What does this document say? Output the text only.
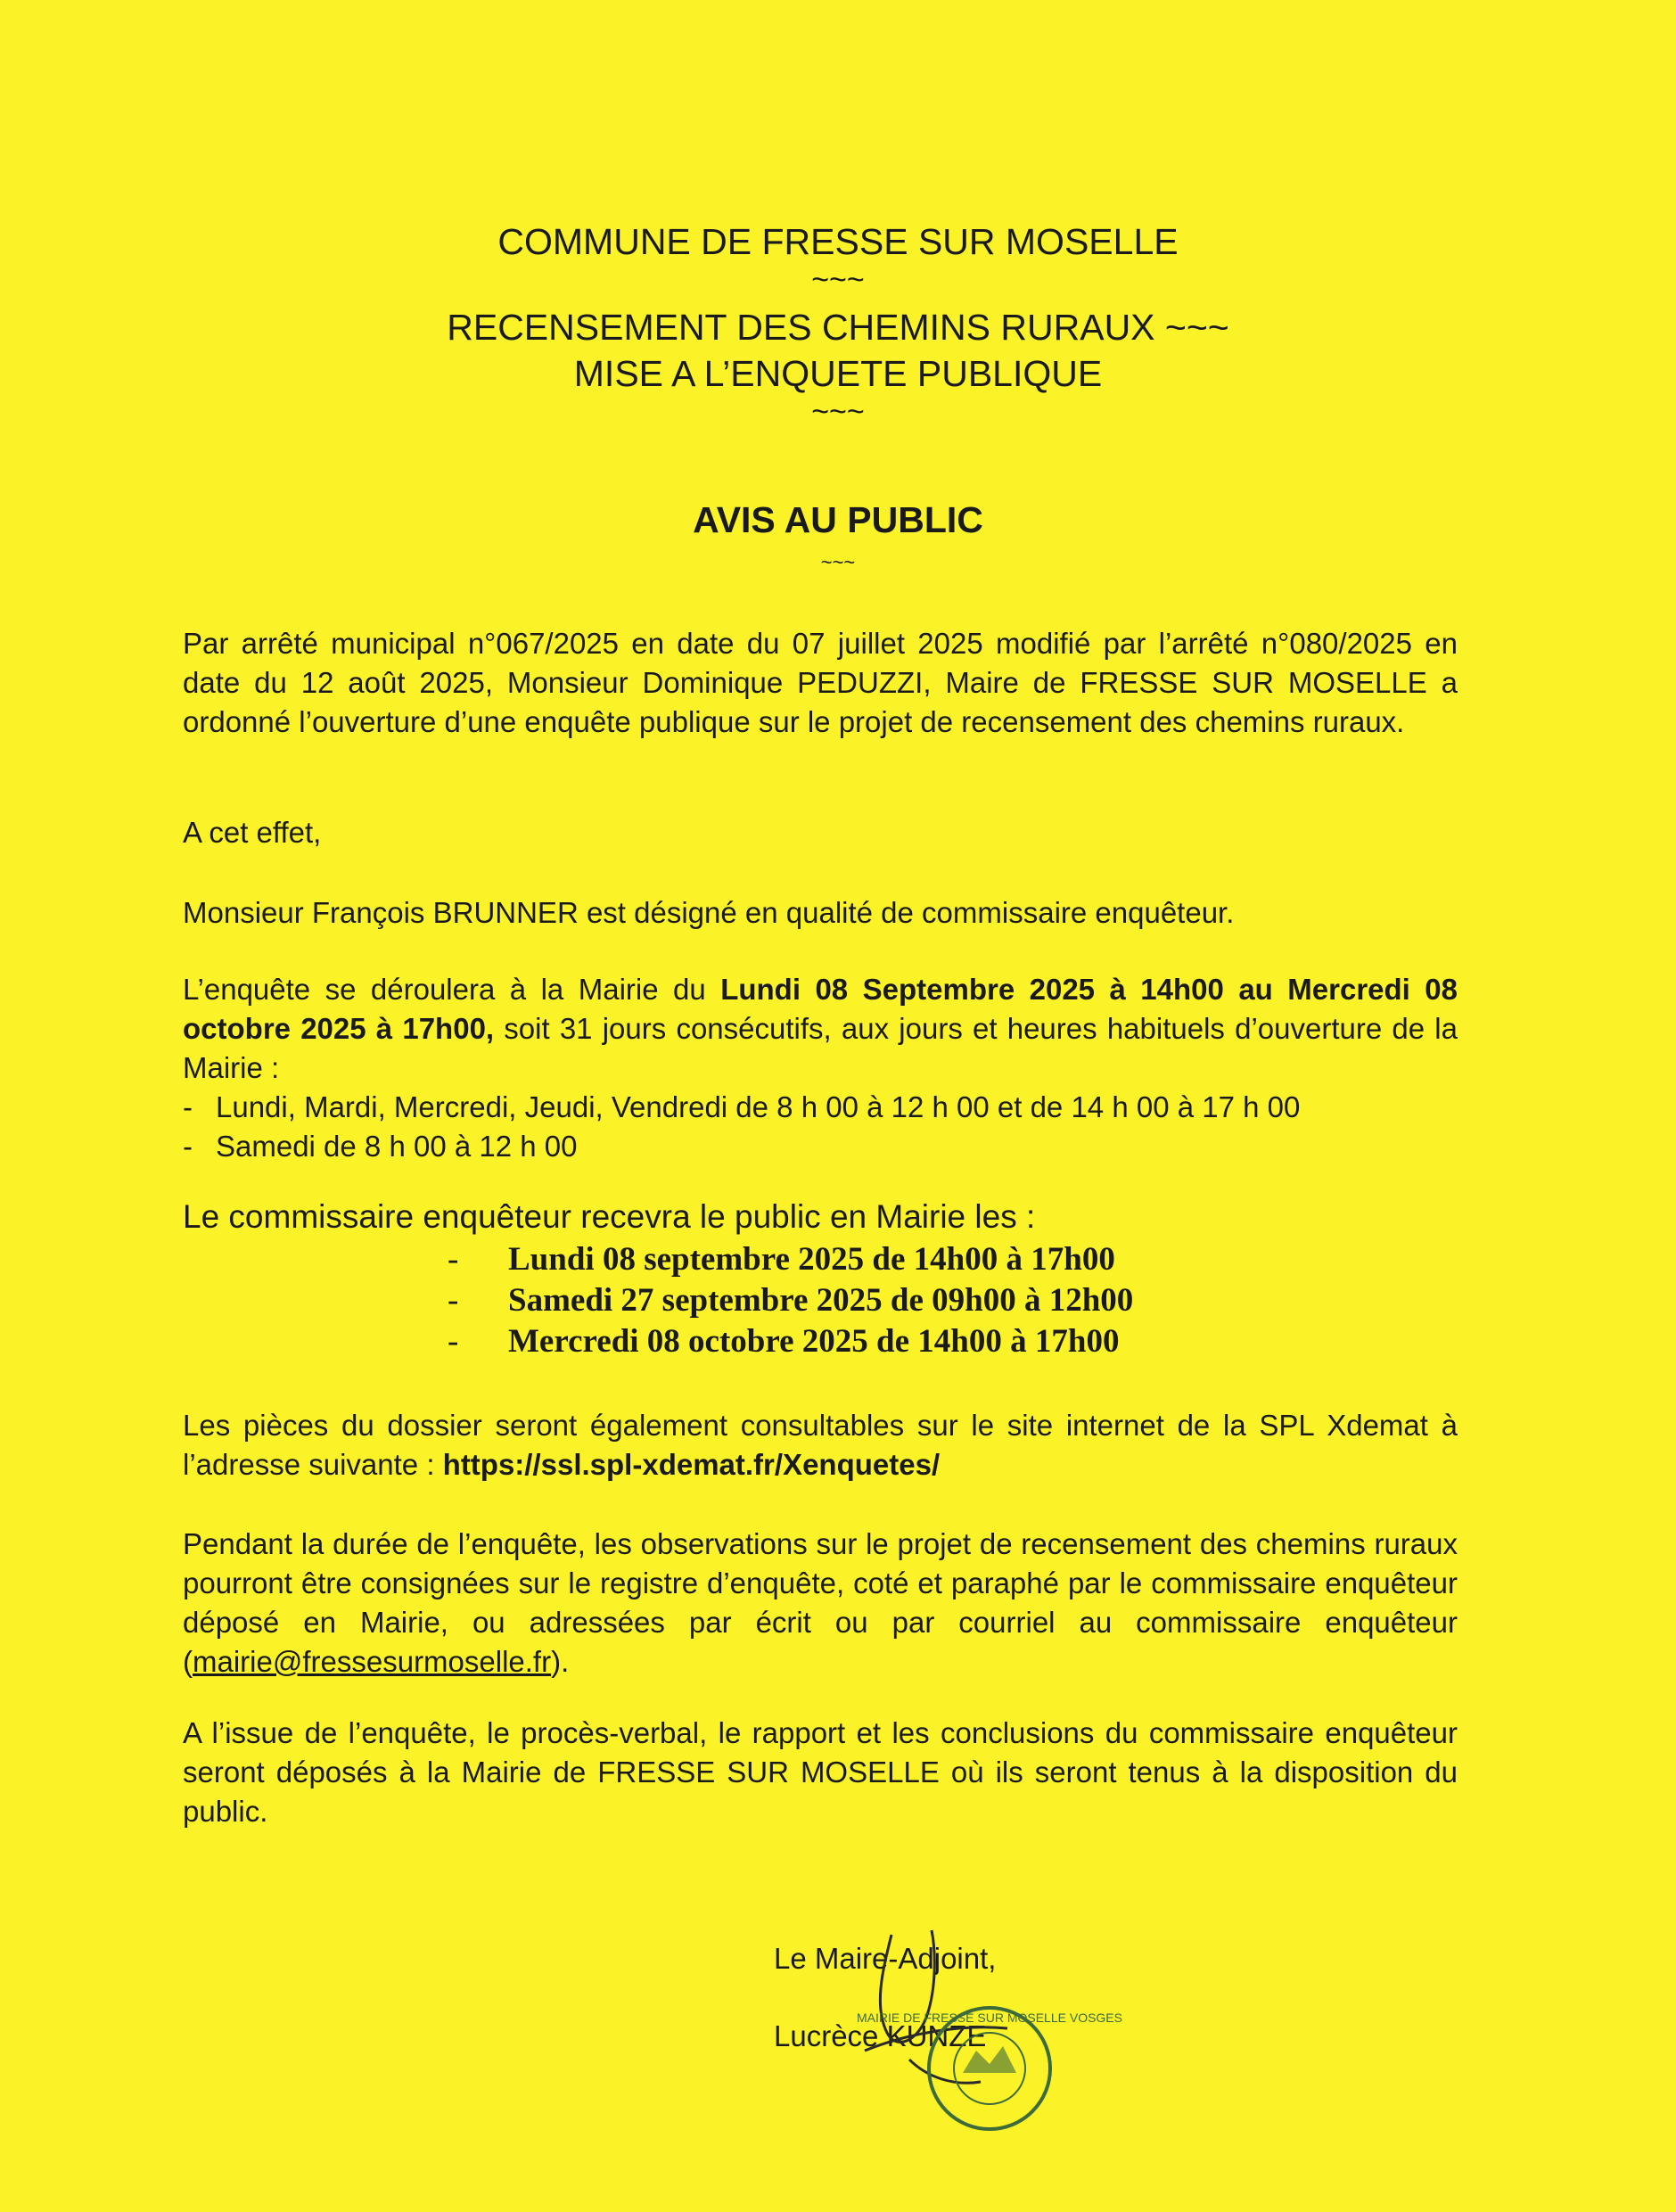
COMMUNE DE FRESSE SUR MOSELLE
~~~
RECENSEMENT DES CHEMINS RURAUX ~~~
MISE A L’ENQUETE PUBLIQUE
~~~
AVIS AU PUBLIC
~~~
Par arrêté municipal n°067/2025 en date du 07 juillet 2025 modifié par l’arrêté n°080/2025 en date du 12 août 2025, Monsieur Dominique PEDUZZI, Maire de FRESSE SUR MOSELLE a ordonné l’ouverture d’une enquête publique sur le projet de recensement des chemins ruraux.
A cet effet,
Monsieur François BRUNNER est désigné en qualité de commissaire enquêteur.
L’enquête se déroulera à la Mairie du Lundi 08 Septembre 2025 à 14h00 au Mercredi 08 octobre 2025 à 17h00, soit 31 jours consécutifs, aux jours et heures habituels d’ouverture de la Mairie :
- Lundi, Mardi, Mercredi, Jeudi, Vendredi de 8 h 00 à 12 h 00 et de 14 h 00 à 17 h 00
- Samedi de 8 h 00 à 12 h 00
Le commissaire enquêteur recevra le public en Mairie les :
- Lundi 08 septembre 2025 de 14h00 à 17h00
- Samedi 27 septembre 2025 de 09h00 à 12h00
- Mercredi 08 octobre 2025 de 14h00 à 17h00
Les pièces du dossier seront également consultables sur le site internet de la SPL Xdemat à l’adresse suivante : https://ssl.spl-xdemat.fr/Xenquetes/
Pendant la durée de l’enquête, les observations sur le projet de recensement des chemins ruraux pourront être consignées sur le registre d’enquête, coté et paraphé par le commissaire enquêteur déposé en Mairie, ou adressées par écrit ou par courriel au commissaire enquêteur (mairie@fressesurmoselle.fr).
A l’issue de l’enquête, le procès-verbal, le rapport et les conclusions du commissaire enquêteur seront déposés à la Mairie de FRESSE SUR MOSELLE où ils seront tenus à la disposition du public.
Le Maire-Adjoint,
Lucrèce KUNZE
MAIRIE DE FRESSE SUR MOSELLE VOSGES
